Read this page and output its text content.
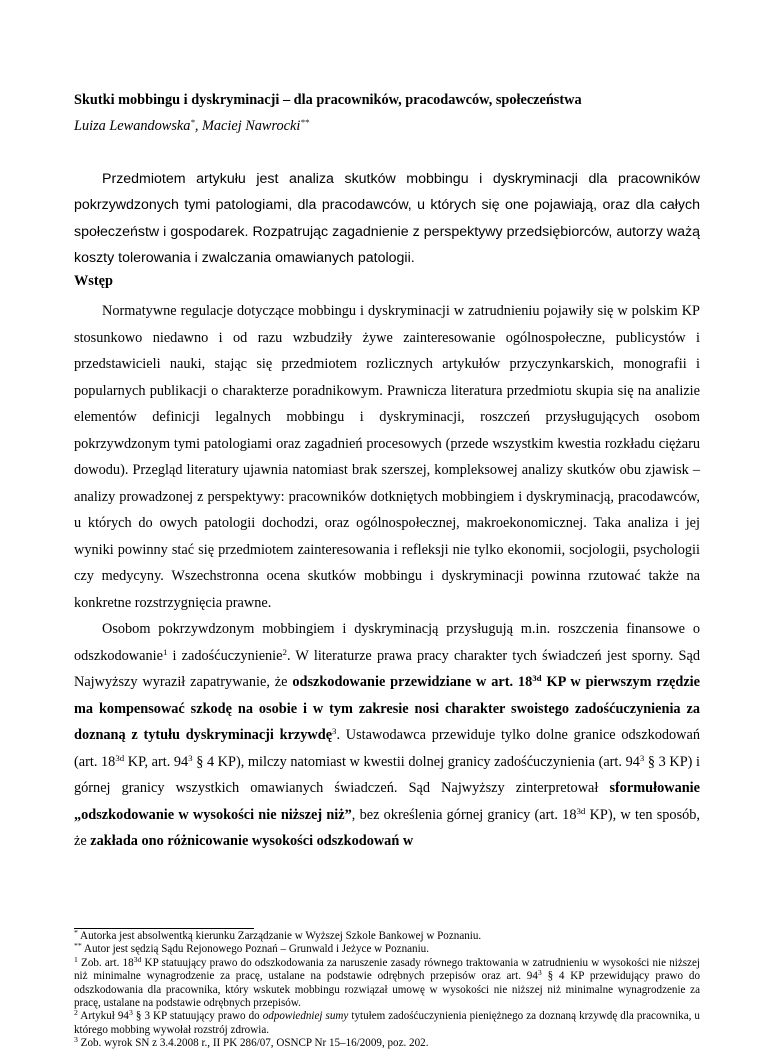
Skutki mobbingu i dyskryminacji – dla pracowników, pracodawców, społeczeństwa
Luiza Lewandowska*, Maciej Nawrocki**

Przedmiotem artykułu jest analiza skutków mobbingu i dyskryminacji dla pracowników pokrzywdzonych tymi patologiami, dla pracodawców, u których się one pojawiają, oraz dla całych społeczeństw i gospodarek. Rozpatrując zagadnienie z perspektywy przedsiębiorców, autorzy ważą koszty tolerowania i zwalczania omawianych patologii.

Wstęp

Normatywne regulacje dotyczące mobbingu i dyskryminacji w zatrudnieniu pojawiły się w polskim KP stosunkowo niedawno i od razu wzbudziły żywe zainteresowanie ogólnospołeczne, publicystów i przedstawicieli nauki, stając się przedmiotem rozlicznych artykułów przyczynkarskich, monografii i popularnych publikacji o charakterze poradnikowym. Prawnicza literatura przedmiotu skupia się na analizie elementów definicji legalnych mobbingu i dyskryminacji, roszczeń przysługujących osobom pokrzywdzonym tymi patologiami oraz zagadnień procesowych (przede wszystkim kwestia rozkładu ciężaru dowodu). Przegląd literatury ujawnia natomiast brak szerszej, kompleksowej analizy skutków obu zjawisk – analizy prowadzonej z perspektywy: pracowników dotkniętych mobbingiem i dyskryminacją, pracodawców, u których do owych patologii dochodzi, oraz ogólnospołecznej, makroekonomicznej. Taka analiza i jej wyniki powinny stać się przedmiotem zainteresowania i refleksji nie tylko ekonomii, socjologii, psychologii czy medycyny. Wszechstronna ocena skutków mobbingu i dyskryminacji powinna rzutować także na konkretne rozstrzygnięcia prawne.

Osobom pokrzywdzonym mobbingiem i dyskryminacją przysługują m.in. roszczenia finansowe o odszkodowanie$^1$ i zadośćuczynienie$^2$. W literaturze prawa pracy charakter tych świadczeń jest sporny. Sąd Najwyższy wyraził zapatrywanie, że odszkodowanie przewidziane w art. $18^{3d}$ KP w pierwszym rzędzie ma kompensować szkodę na osobie i w tym zakresie nosi charakter swoistego zadośćuczynienia za doznaną z tytułu dyskryminacji krzywdę$^3$. Ustawodawca przewiduje tylko dolne granice odszkodowań (art. $18^{3d}$ KP, art. $94^3$ § 4 KP), milczy natomiast w kwestii dolnej granicy zadośćuczynienia (art. $94^3$ § 3 KP) i górnej granicy wszystkich omawianych świadczeń. Sąd Najwyższy zinterpretował sformułowanie „odszkodowanie w wysokości nie niższej niż”, bez określenia górnej granicy (art. $18^{3d}$ KP), w ten sposób, że zakłada ono różnicowanie wysokości odszkodowań w

* Autorka jest absolwentką kierunku Zarządzanie w Wyższej Szkole Bankowej w Poznaniu.
** Autor jest sędzią Sądu Rejonowego Poznań – Grunwald i Jeżyce w Poznaniu.
$^1$ Zob. art. $18^{3d}$ KP statuujący prawo do odszkodowania za naruszenie zasady równego traktowania w zatrudnieniu w wysokości nie niższej niż minimalne wynagrodzenie za pracę, ustalane na podstawie odrębnych przepisów oraz art. $94^3$ § 4 KP przewidujący prawo do odszkodowania dla pracownika, który wskutek mobbingu rozwiązał umowę w wysokości nie niższej niż minimalne wynagrodzenie za pracę, ustalane na podstawie odrębnych przepisów.
$^2$ Artykuł $94^3$ § 3 KP statuujący prawo do odpowiedniej sumy tytułem zadośćuczynienia pieniężnego za doznaną krzywdę dla pracownika, u którego mobbing wywołał rozstrój zdrowia.
$^3$ Zob. wyrok SN z 3.4.2008 r., II PK 286/07, OSNCP Nr 15–16/2009, poz. 202.
